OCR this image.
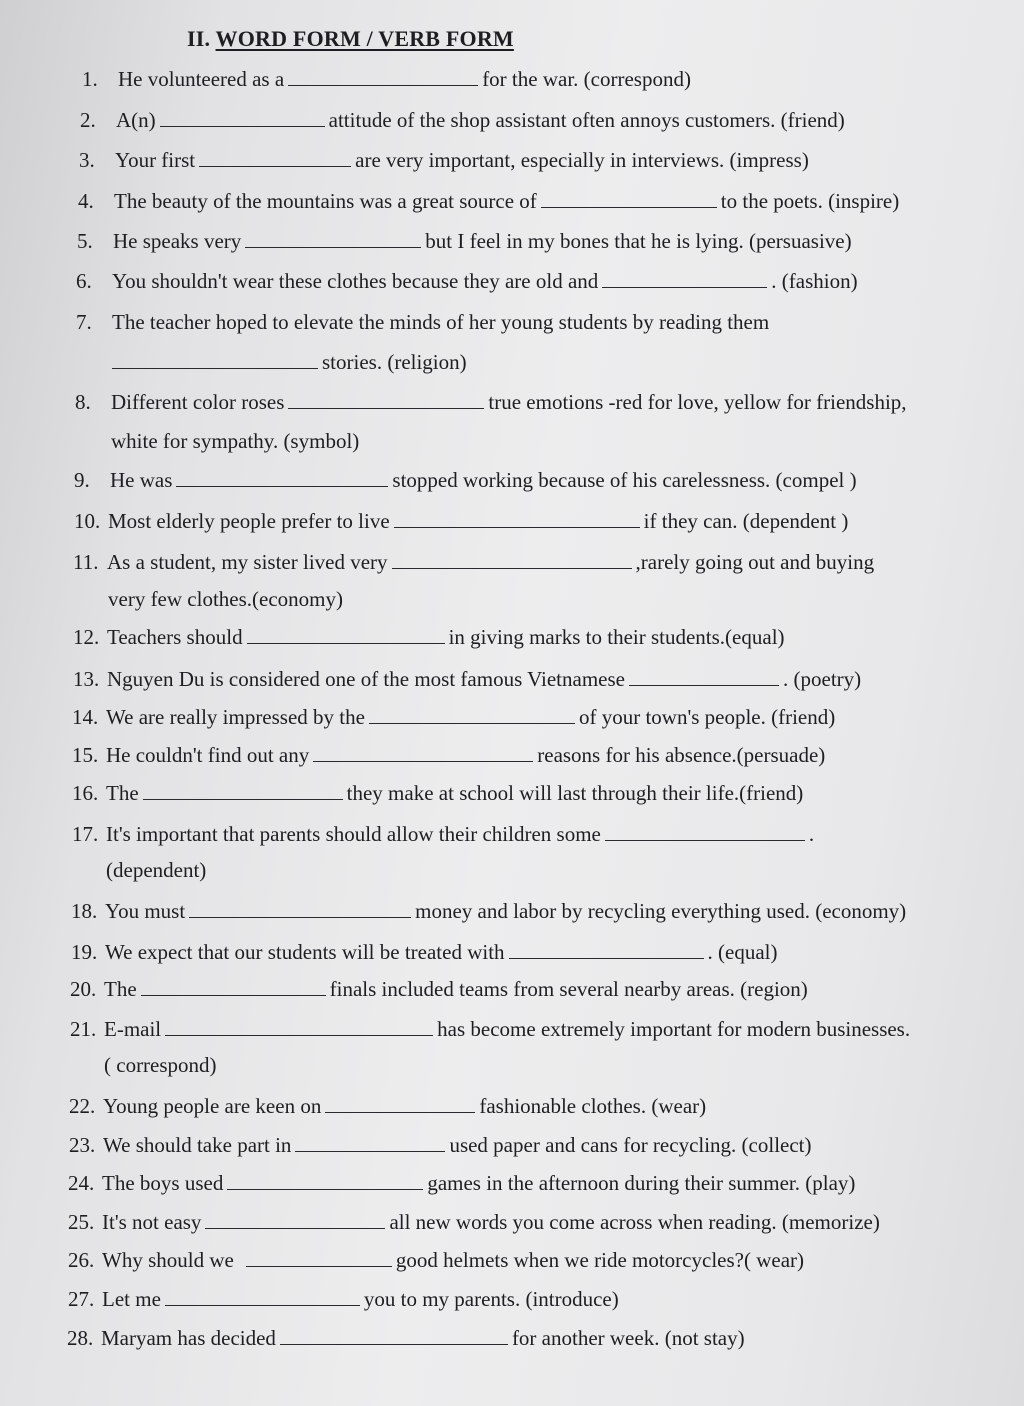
II. WORD FORM / VERB FORM
1. He volunteered as a	for the war. (correspond)
2. A(n)	attitude of the shop assistant often annoys customers. (friend)
3. Your first	are very important, especially in interviews. (impress)
4. The beauty of the mountains was a great source of	to the poets. (inspire)
5. He speaks very	but I feel in my bones that he is lying. (persuasive)
6. You shouldn't wear these clothes because they are old and	. (fashion)
7. The teacher hoped to elevate the minds of her young students by reading them
stories. (religion)
8. Different color roses	true emotions -red for love, yellow for friendship,
white for sympathy. (symbol)
9. He was	stopped working because of his carelessness. (compel )
10. Most elderly people prefer to live	if they can. (dependent )
11. As a student, my sister lived very	,rarely going out and buying
very few clothes.(economy)
12. Teachers should	in giving marks to their students.(equal)
13. Nguyen Du is considered one of the most famous Vietnamese	. (poetry)
14. We are really impressed by the	of your town's people. (friend)
15. He couldn't find out any	reasons for his absence.(persuade)
16. The	they make at school will last through their life.(friend)
17. It's important that parents should allow their children some	.
(dependent)
18. You must	money and labor by recycling everything used. (economy)
19. We expect that our students will be treated with	. (equal)
20. The	finals included teams from several nearby areas. (region)
21. E-mail	has become extremely important for modern businesses.
( correspond)
22. Young people are keen on	fashionable clothes. (wear)
23. We should take part in	used paper and cans for recycling. (collect)
24. The boys used	games in the afternoon during their summer. (play)
25. It's not easy	all new words you come across when reading. (memorize)
26. Why should we	good helmets when we ride motorcycles?( wear)
27. Let me	you to my parents. (introduce)
28. Maryam has decided	for another week. (not stay)
